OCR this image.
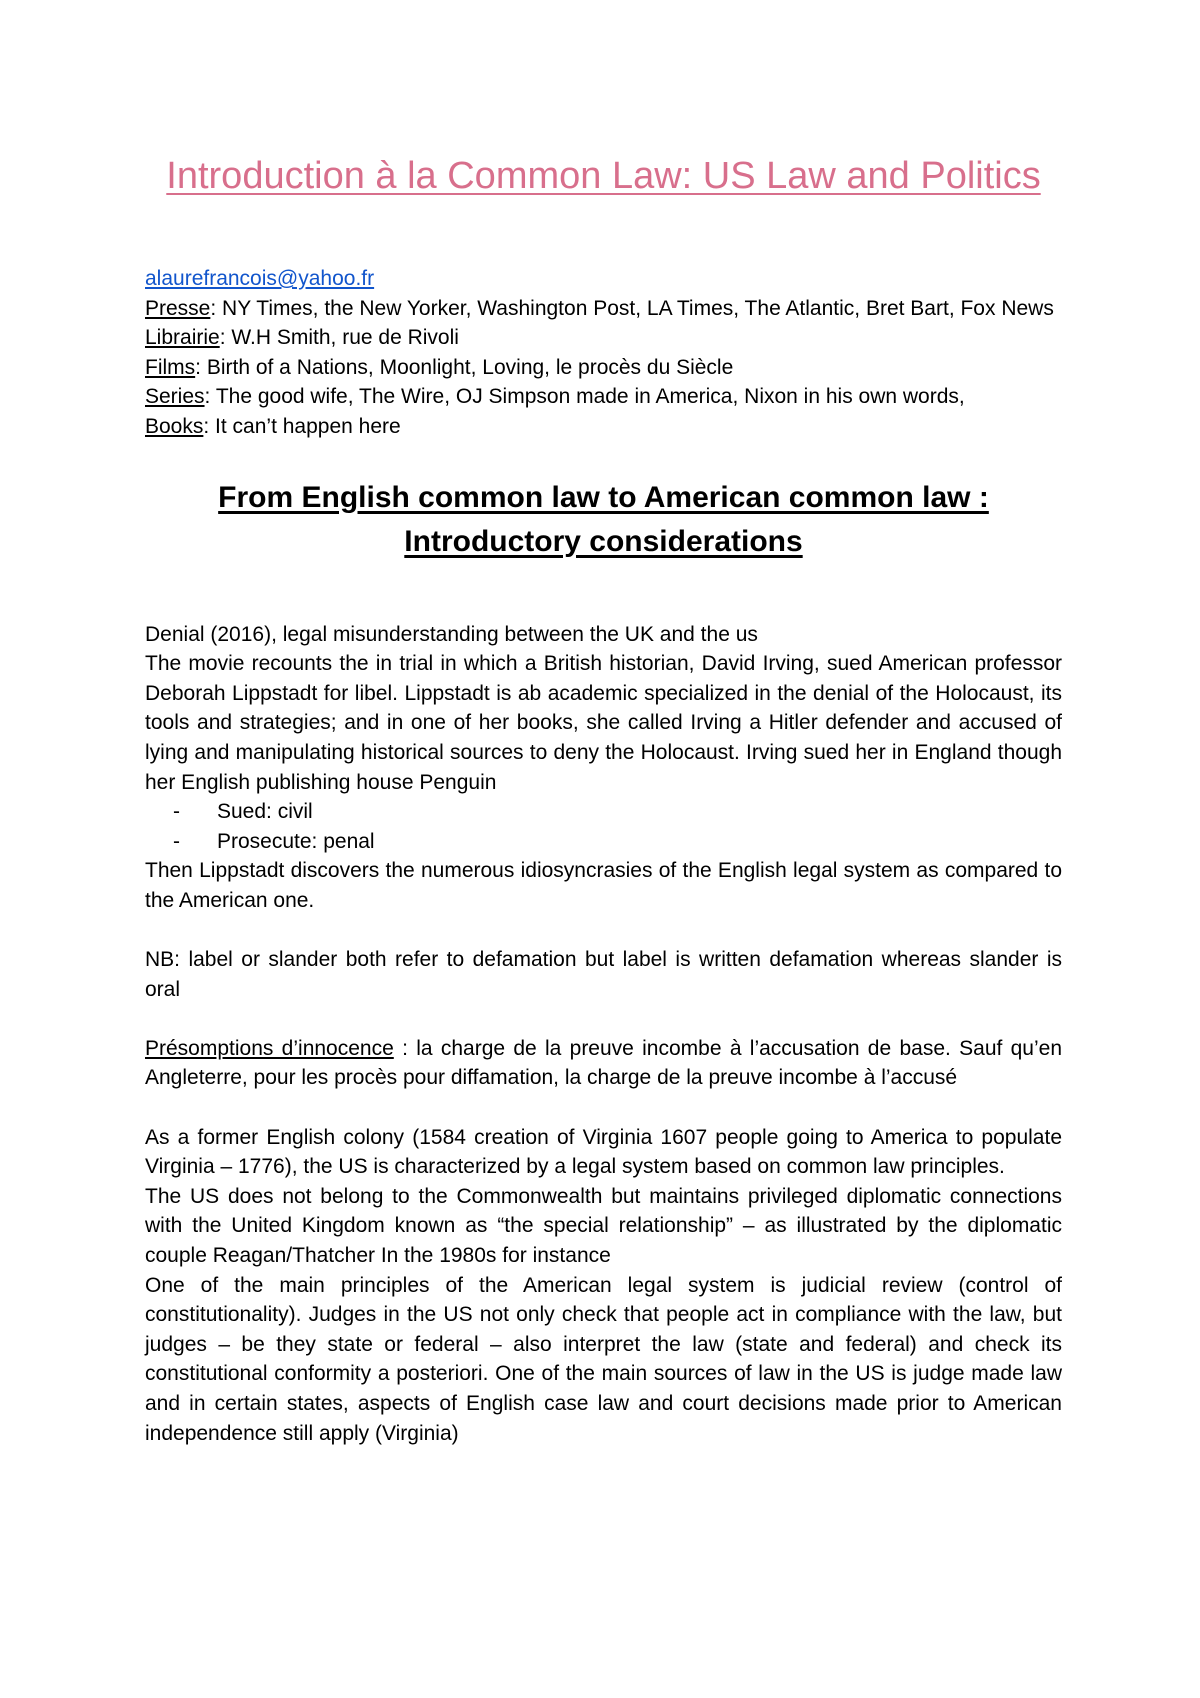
Introduction à la Common Law: US Law and Politics
alaurefrancois@yahoo.fr
Presse: NY Times, the New Yorker, Washington Post, LA Times, The Atlantic, Bret Bart, Fox News
Librairie: W.H Smith, rue de Rivoli
Films: Birth of a Nations, Moonlight, Loving, le procès du Siècle
Series: The good wife, The Wire, OJ Simpson made in America, Nixon in his own words,
Books: It can’t happen here
From English common law to American common law : Introductory considerations

Denial (2016), legal misunderstanding between the UK and the us

The movie recounts the in trial in which a British historian, David Irving, sued American professor Deborah Lippstadt for libel. Lippstadt is ab academic specialized in the denial of the Holocaust, its tools and strategies; and in one of her books, she called Irving a Hitler defender and accused of lying and manipulating historical sources to deny the Holocaust. Irving sued her in England though her English publishing house Penguin

- Sued: civil
- Prosecute: penal

Then Lippstadt discovers the numerous idiosyncrasies of the English legal system as compared to the American one.

NB: label or slander both refer to defamation but label is written defamation whereas slander is oral

Présomptions d’innocence : la charge de la preuve incombe à l’accusation de base. Sauf qu’en Angleterre, pour les procès pour diffamation, la charge de la preuve incombe à l’accusé

As a former English colony (1584 creation of Virginia 1607 people going to America to populate Virginia – 1776), the US is characterized by a legal system based on common law principles.

The US does not belong to the Commonwealth but maintains privileged diplomatic connections with the United Kingdom known as “the special relationship” – as illustrated by the diplomatic couple Reagan/Thatcher In the 1980s for instance

One of the main principles of the American legal system is judicial review (control of constitutionality). Judges in the US not only check that people act in compliance with the law, but judges – be they state or federal – also interpret the law (state and federal) and check its constitutional conformity a posteriori. One of the main sources of law in the US is judge made law and in certain states, aspects of English case law and court decisions made prior to American independence still apply (Virginia)
